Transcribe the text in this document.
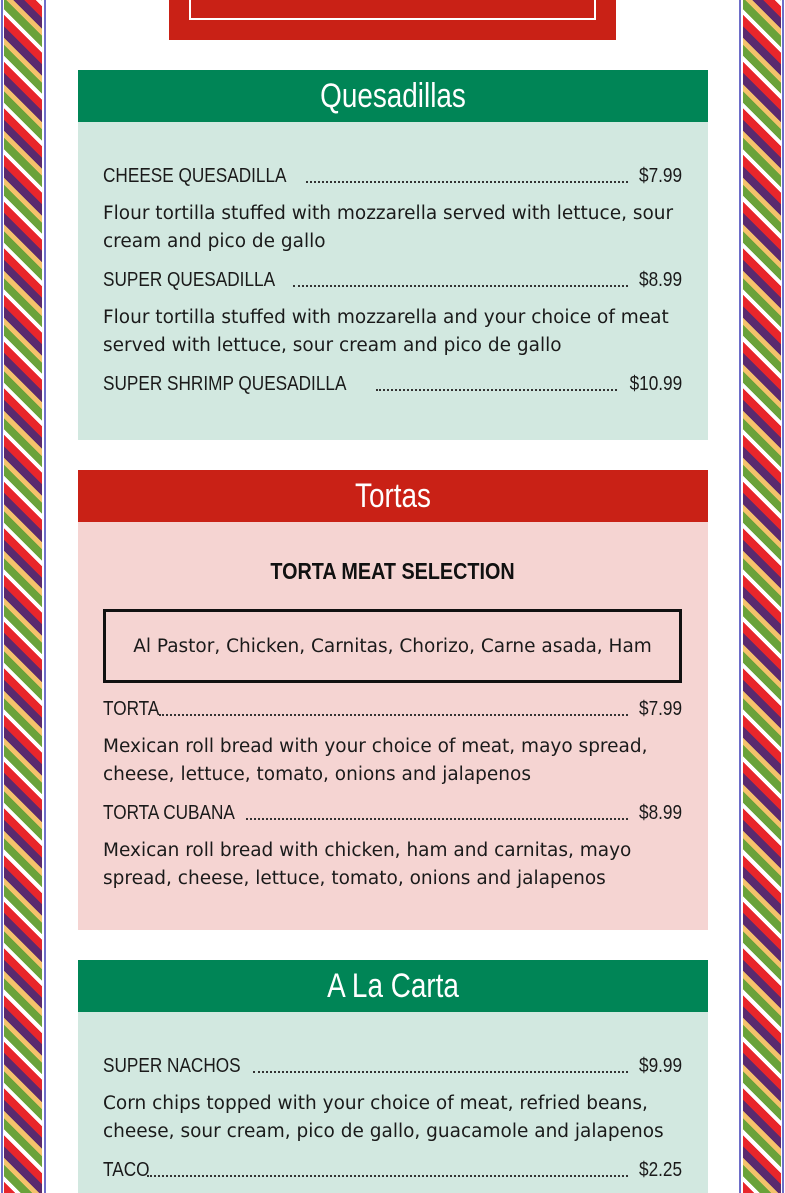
Quesadillas
CHEESE QUESADILLA	$7.99
Flour tortilla stuffed with mozzarella served with lettuce, sour cream and pico de gallo
SUPER QUESADILLA	$8.99
Flour tortilla stuffed with mozzarella and your choice of meat served with lettuce, sour cream and pico de gallo
SUPER SHRIMP QUESADILLA	$10.99
Tortas
TORTA MEAT SELECTION
Al Pastor, Chicken, Carnitas, Chorizo, Carne asada, Ham
TORTA	$7.99
Mexican roll bread with your choice of meat, mayo spread, cheese, lettuce, tomato, onions and jalapenos
TORTA CUBANA	$8.99
Mexican roll bread with chicken, ham and carnitas, mayo spread, cheese, lettuce, tomato, onions and jalapenos
A La Carta
SUPER NACHOS	$9.99
Corn chips topped with your choice of meat, refried beans, cheese, sour cream, pico de gallo, guacamole and jalapenos
TACO	$2.25
